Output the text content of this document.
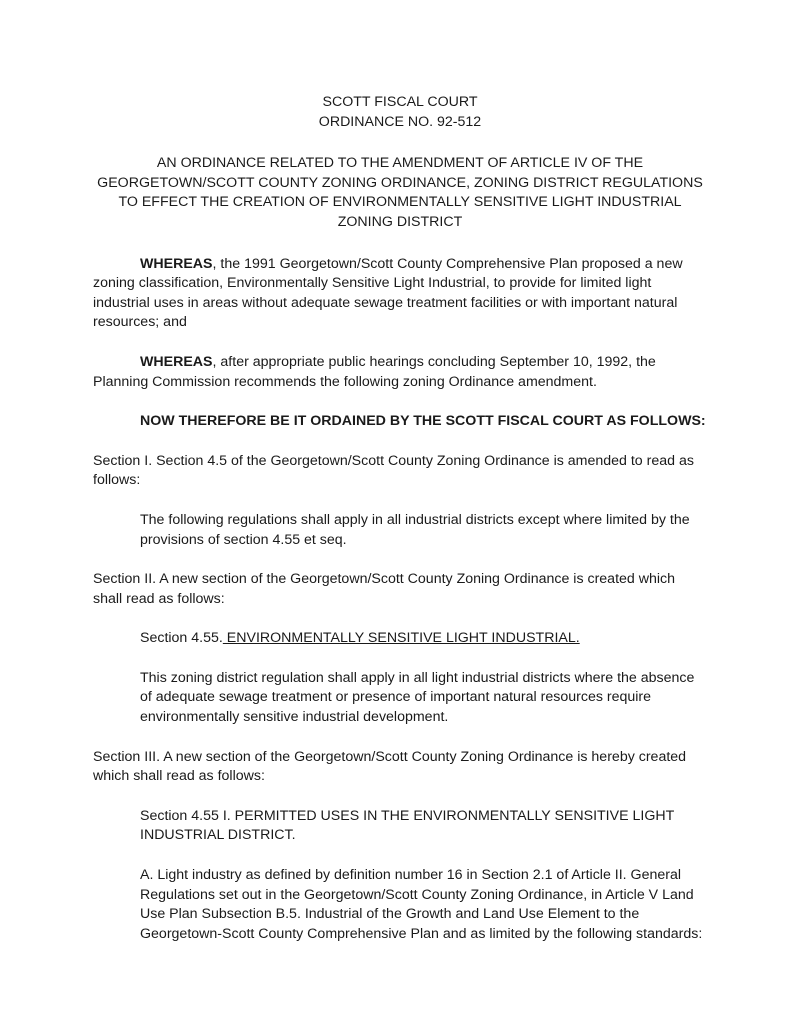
SCOTT FISCAL COURT
ORDINANCE NO. 92-512

AN ORDINANCE RELATED TO THE AMENDMENT OF ARTICLE IV OF THE GEORGETOWN/SCOTT COUNTY ZONING ORDINANCE, ZONING DISTRICT REGULATIONS TO EFFECT THE CREATION OF ENVIRONMENTALLY SENSITIVE LIGHT INDUSTRIAL ZONING DISTRICT

WHEREAS, the 1991 Georgetown/Scott County Comprehensive Plan proposed a new zoning classification, Environmentally Sensitive Light Industrial, to provide for limited light industrial uses in areas without adequate sewage treatment facilities or with important natural resources; and

WHEREAS, after appropriate public hearings concluding September 10, 1992, the Planning Commission recommends the following zoning Ordinance amendment.

NOW THEREFORE BE IT ORDAINED BY THE SCOTT FISCAL COURT AS FOLLOWS:

Section I. Section 4.5 of the Georgetown/Scott County Zoning Ordinance is amended to read as follows:

The following regulations shall apply in all industrial districts except where limited by the provisions of section 4.55 et seq.

Section II. A new section of the Georgetown/Scott County Zoning Ordinance is created which shall read as follows:

Section 4.55. ENVIRONMENTALLY SENSITIVE LIGHT INDUSTRIAL.

This zoning district regulation shall apply in all light industrial districts where the absence of adequate sewage treatment or presence of important natural resources require environmentally sensitive industrial development.

Section III. A new section of the Georgetown/Scott County Zoning Ordinance is hereby created which shall read as follows:

Section 4.55 I. PERMITTED USES IN THE ENVIRONMENTALLY SENSITIVE LIGHT INDUSTRIAL DISTRICT.

A. Light industry as defined by definition number 16 in Section 2.1 of Article II. General Regulations set out in the Georgetown/Scott County Zoning Ordinance, in Article V Land Use Plan Subsection B.5. Industrial of the Growth and Land Use Element to the Georgetown-Scott County Comprehensive Plan and as limited by the following standards:
